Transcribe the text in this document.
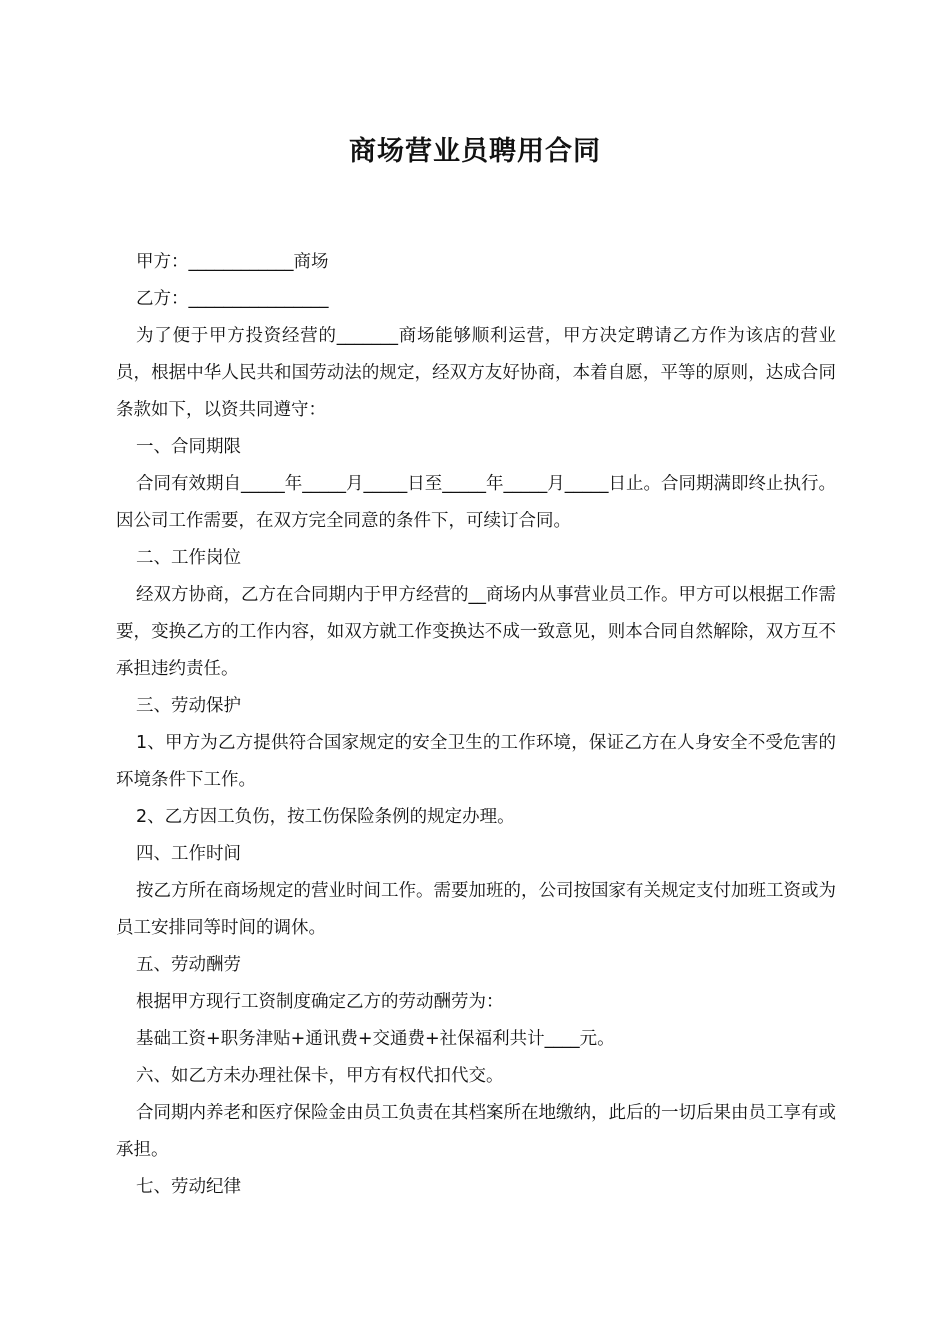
商场营业员聘用合同

甲方：____________商场

乙方：________________

为了便于甲方投资经营的_______商场能够顺利运营，甲方决定聘请乙方作为该店的营业员，根据中华人民共和国劳动法的规定，经双方友好协商，本着自愿，平等的原则，达成合同条款如下，以资共同遵守：

一、合同期限

合同有效期自_____年_____月_____日至_____年_____月_____日止。合同期满即终止执行。因公司工作需要，在双方完全同意的条件下，可续订合同。

二、工作岗位

经双方协商，乙方在合同期内于甲方经营的__商场内从事营业员工作。甲方可以根据工作需要，变换乙方的工作内容，如双方就工作变换达不成一致意见，则本合同自然解除，双方互不承担违约责任。

三、劳动保护

1、甲方为乙方提供符合国家规定的安全卫生的工作环境，保证乙方在人身安全不受危害的环境条件下工作。

2、乙方因工负伤，按工伤保险条例的规定办理。

四、工作时间

按乙方所在商场规定的营业时间工作。需要加班的，公司按国家有关规定支付加班工资或为员工安排同等时间的调休。

五、劳动酬劳

根据甲方现行工资制度确定乙方的劳动酬劳为：

基础工资+职务津贴+通讯费+交通费+社保福利共计____元。

六、如乙方未办理社保卡，甲方有权代扣代交。

合同期内养老和医疗保险金由员工负责在其档案所在地缴纳，此后的一切后果由员工享有或承担。

七、劳动纪律
